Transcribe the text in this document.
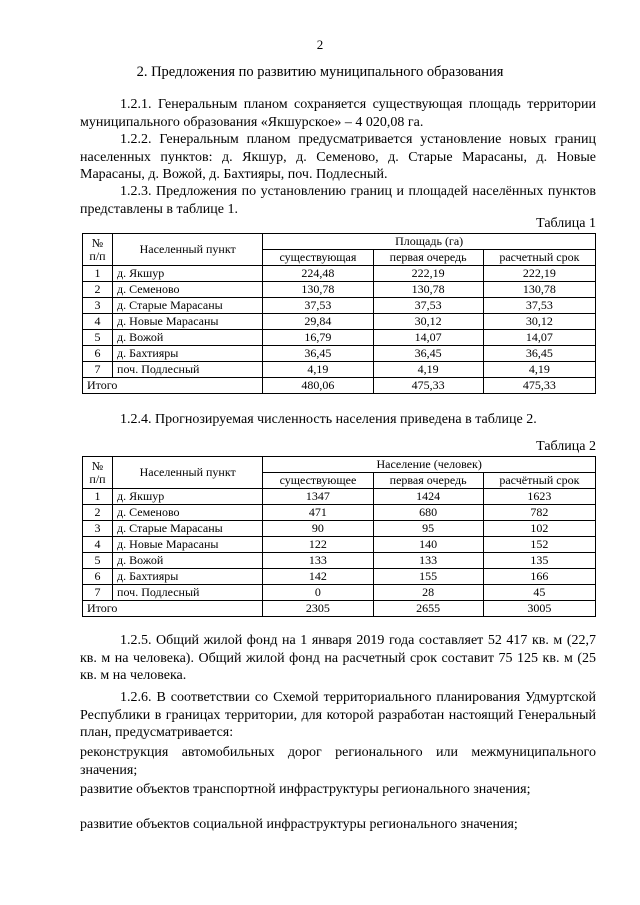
2
2. Предложения по развитию муниципального образования
1.2.1. Генеральным планом сохраняется существующая площадь территории муниципального образования «Якшурское» – 4 020,08 га.
1.2.2. Генеральным планом предусматривается установление новых границ населенных пунктов: д. Якшур, д. Семеново, д. Старые Марасаны, д. Новые Марасаны, д. Вожой, д. Бахтияры, поч. Подлесный.
1.2.3. Предложения по установлению границ и площадей населённых пунктов представлены в таблице 1.
Таблица 1
№
п/п	Населенный пункт	Площадь (га)		
		существующая	первая очередь	расчетный срок
1	д. Якшур	224,48	222,19	222,19
2	д. Семеново	130,78	130,78	130,78
3	д. Старые Марасаны	37,53	37,53	37,53
4	д. Новые Марасаны	29,84	30,12	30,12
5	д. Вожой	16,79	14,07	14,07
6	д. Бахтияры	36,45	36,45	36,45
7	поч. Подлесный	4,19	4,19	4,19
Итого		480,06	475,33	475,33
1.2.4. Прогнозируемая численность населения приведена в таблице 2.
Таблица 2
№
п/п	Населенный пункт	Население (человек)		
		существующее	первая очередь	расчётный срок
1	д. Якшур	1347	1424	1623
2	д. Семеново	471	680	782
3	д. Старые Марасаны	90	95	102
4	д. Новые Марасаны	122	140	152
5	д. Вожой	133	133	135
6	д. Бахтияры	142	155	166
7	поч. Подлесный	0	28	45
Итого		2305	2655	3005
1.2.5. Общий жилой фонд на 1 января 2019 года составляет 52 417 кв. м (22,7 кв. м на человека). Общий жилой фонд на расчетный срок составит 75 125 кв. м (25 кв. м на человека.
1.2.6. В соответствии со Схемой территориального планирования Удмуртской Республики в границах территории, для которой разработан настоящий Генеральный план, предусматривается:
реконструкция автомобильных дорог регионального или межмуниципального значения;
развитие объектов транспортной инфраструктуры регионального значения;
развитие объектов социальной инфраструктуры регионального значения;
